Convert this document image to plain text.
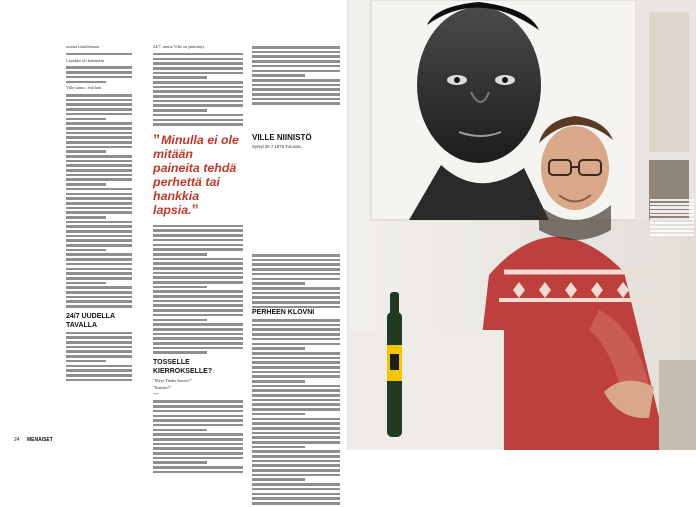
asioita tiirailemaan.
Lepakko oli kuitenkin
Ville sanoo, että hän
24/7 UUDELLA TAVALLA
24/7, mutta Ville on päättänyt
” Minulla ei ole mitään paineita tehdä perhettä tai hankkia lapsia.”
TOSSELLE KIERROKSELLE?
”Myyt Tinder-kaveri?”
”Kuinka?”
”?”
VILLE NIINISTÖ
Syntyi 30.7.1976 Turussa.
PERHEEN KLOVNI
24 MENAISET
